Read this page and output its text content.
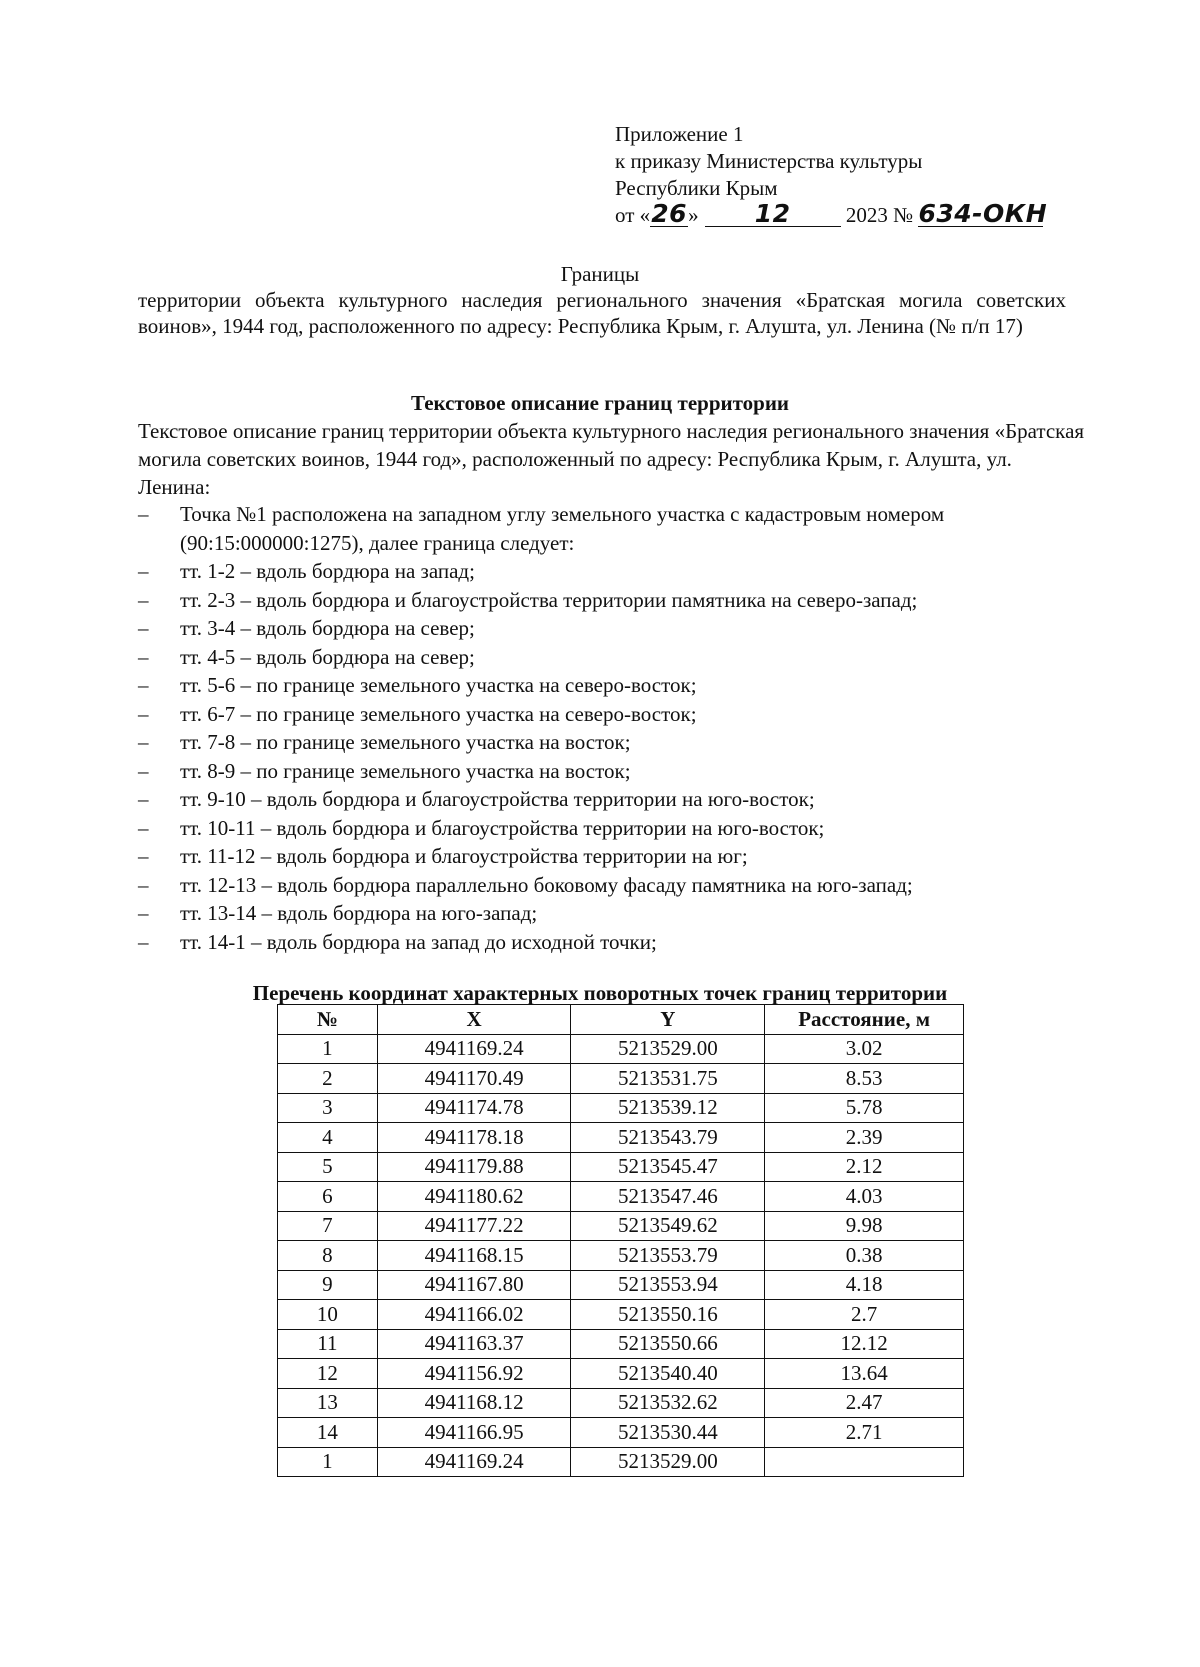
Приложение 1
к приказу Министерства культуры
Республики Крым
от «26» 12	2023 № 634-ОКН
Границы
территории объекта культурного наследия регионального значения «Братская могила советских воинов», 1944 год, расположенного по адресу: Республика Крым, г. Алушта, ул. Ленина (№ п/п 17)
Текстовое описание границ территории
Текстовое описание границ территории объекта культурного наследия регионального значения «Братская могила советских воинов, 1944 год», расположенный по адресу: Республика Крым, г. Алушта, ул. Ленина:
– Точка №1 расположена на западном углу земельного участка с кадастровым номером (90:15:000000:1275), далее граница следует:
– тт. 1-2 – вдоль бордюра на запад;
– тт. 2-3 – вдоль бордюра и благоустройства территории памятника на северо-запад;
– тт. 3-4 – вдоль бордюра на север;
– тт. 4-5 – вдоль бордюра на север;
– тт. 5-6 – по границе земельного участка на северо-восток;
– тт. 6-7 – по границе земельного участка на северо-восток;
– тт. 7-8 – по границе земельного участка на восток;
– тт. 8-9 – по границе земельного участка на восток;
– тт. 9-10 – вдоль бордюра и благоустройства территории на юго-восток;
– тт. 10-11 – вдоль бордюра и благоустройства территории на юго-восток;
– тт. 11-12 – вдоль бордюра и благоустройства территории на юг;
– тт. 12-13 – вдоль бордюра параллельно боковому фасаду памятника на юго-запад;
– тт. 13-14 – вдоль бордюра на юго-запад;
– тт. 14-1 – вдоль бордюра на запад до исходной точки;
Перечень координат характерных поворотных точек границ территории
№	X	Y	Расстояние, м
1	4941169.24	5213529.00	3.02
2	4941170.49	5213531.75	8.53
3	4941174.78	5213539.12	5.78
4	4941178.18	5213543.79	2.39
5	4941179.88	5213545.47	2.12
6	4941180.62	5213547.46	4.03
7	4941177.22	5213549.62	9.98
8	4941168.15	5213553.79	0.38
9	4941167.80	5213553.94	4.18
10	4941166.02	5213550.16	2.7
11	4941163.37	5213550.66	12.12
12	4941156.92	5213540.40	13.64
13	4941168.12	5213532.62	2.47
14	4941166.95	5213530.44	2.71
1	4941169.24	5213529.00	
